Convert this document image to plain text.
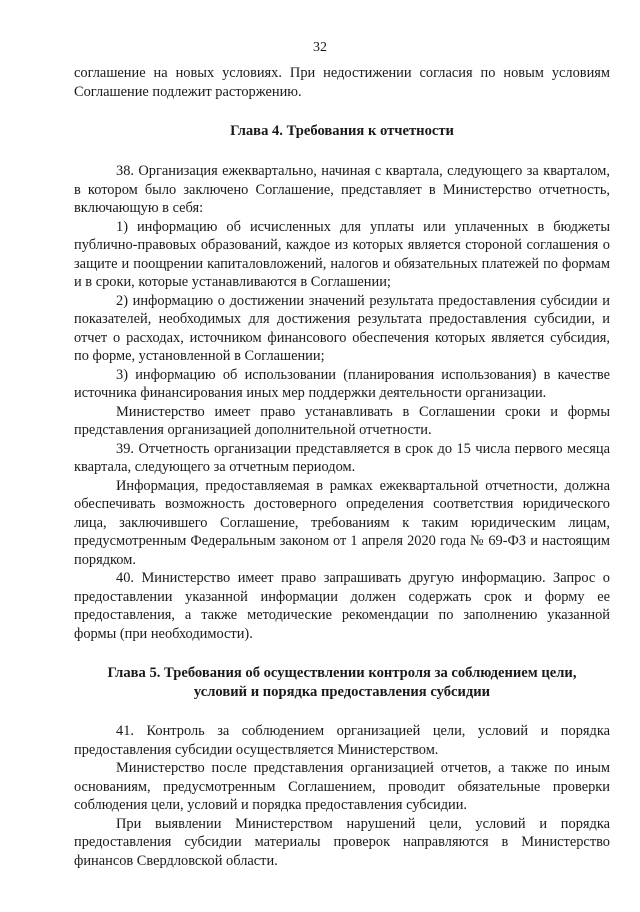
32

соглашение на новых условиях. При недостижении согласия по новым условиям Соглашение подлежит расторжению.

Глава 4. Требования к отчетности

38. Организация ежеквартально, начиная с квартала, следующего за кварталом, в котором было заключено Соглашение, представляет в Министерство отчетность, включающую в себя:

1) информацию об исчисленных для уплаты или уплаченных в бюджеты публично-правовых образований, каждое из которых является стороной соглашения о защите и поощрении капиталовложений, налогов и обязательных платежей по формам и в сроки, которые устанавливаются в Соглашении;

2) информацию о достижении значений результата предоставления субсидии и показателей, необходимых для достижения результата предоставления субсидии, и отчет о расходах, источником финансового обеспечения которых является субсидия, по форме, установленной в Соглашении;

3) информацию об использовании (планирования использования) в качестве источника финансирования иных мер поддержки деятельности организации.

Министерство имеет право устанавливать в Соглашении сроки и формы представления организацией дополнительной отчетности.

39. Отчетность организации представляется в срок до 15 числа первого месяца квартала, следующего за отчетным периодом.

Информация, предоставляемая в рамках ежеквартальной отчетности, должна обеспечивать возможность достоверного определения соответствия юридического лица, заключившего Соглашение, требованиям к таким юридическим лицам, предусмотренным Федеральным законом от 1 апреля 2020 года № 69-ФЗ и настоящим порядком.

40. Министерство имеет право запрашивать другую информацию. Запрос о предоставлении указанной информации должен содержать срок и форму ее предоставления, а также методические рекомендации по заполнению указанной формы (при необходимости).

Глава 5. Требования об осуществлении контроля за соблюдением цели,
условий и порядка предоставления субсидии

41. Контроль за соблюдением организацией цели, условий и порядка предоставления субсидии осуществляется Министерством.

Министерство после представления организацией отчетов, а также по иным основаниям, предусмотренным Соглашением, проводит обязательные проверки соблюдения цели, условий и порядка предоставления субсидии.

При выявлении Министерством нарушений цели, условий и порядка предоставления субсидии материалы проверок направляются в Министерство финансов Свердловской области.
